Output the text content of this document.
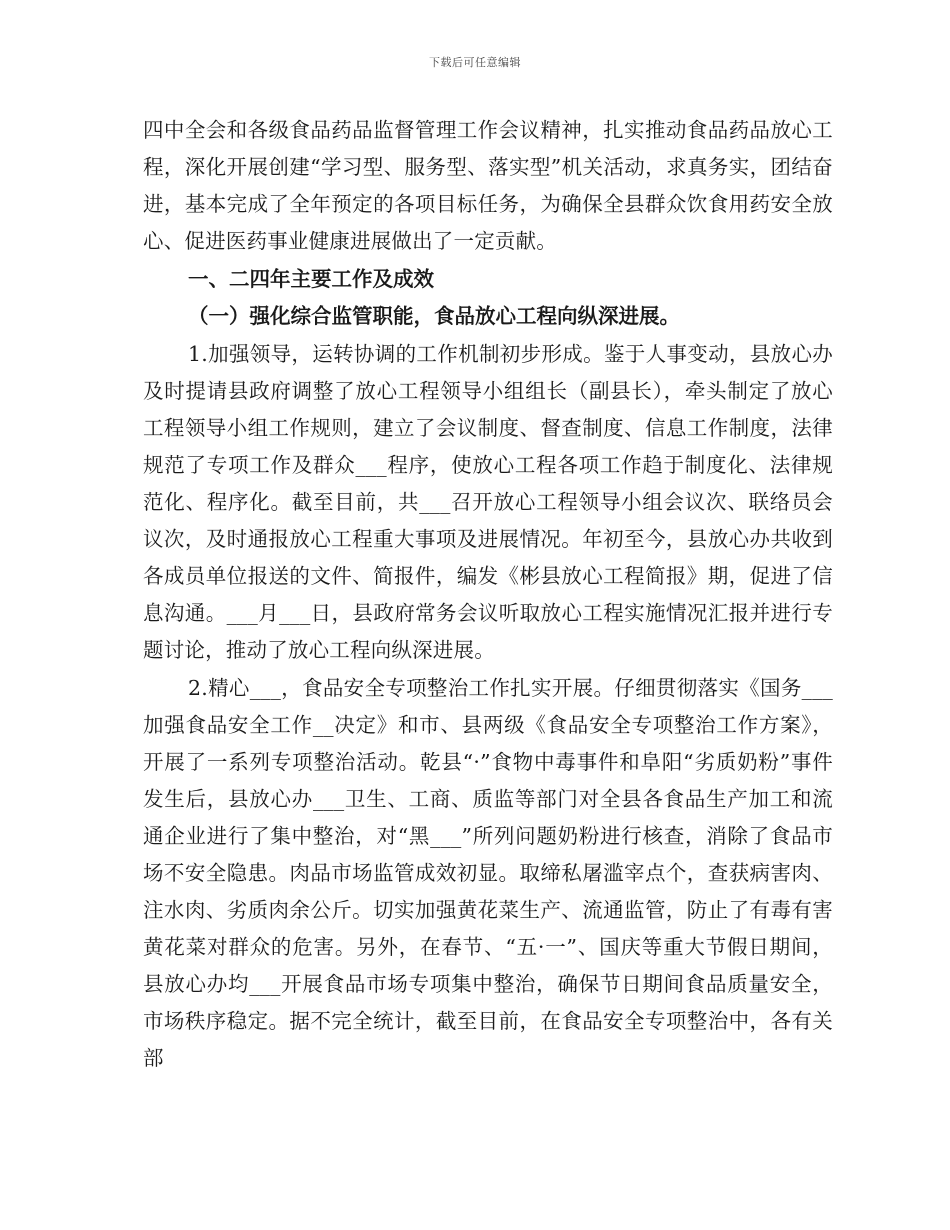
下载后可任意编辑

四中全会和各级食品药品监督管理工作会议精神，扎实推动食品药品放心工程，深化开展创建“学习型、服务型、落实型”机关活动，求真务实，团结奋进，基本完成了全年预定的各项目标任务，为确保全县群众饮食用药安全放心、促进医药事业健康进展做出了一定贡献。

一、二四年主要工作及成效

（一）强化综合监管职能，食品放心工程向纵深进展。

1.加强领导，运转协调的工作机制初步形成。鉴于人事变动，县放心办及时提请县政府调整了放心工程领导小组组长（副县长），牵头制定了放心工程领导小组工作规则，建立了会议制度、督查制度、信息工作制度，法律规范了专项工作及群众___程序，使放心工程各项工作趋于制度化、法律规范化、程序化。截至目前，共___召开放心工程领导小组会议次、联络员会议次，及时通报放心工程重大事项及进展情况。年初至今，县放心办共收到各成员单位报送的文件、简报件，编发《彬县放心工程简报》期，促进了信息沟通。___月___日，县政府常务会议听取放心工程实施情况汇报并进行专题讨论，推动了放心工程向纵深进展。

2.精心___，食品安全专项整治工作扎实开展。仔细贯彻落实《国务___加强食品安全工作__决定》和市、县两级《食品安全专项整治工作方案》，开展了一系列专项整治活动。乾县“·”食物中毒事件和阜阳“劣质奶粉”事件发生后，县放心办___卫生、工商、质监等部门对全县各食品生产加工和流通企业进行了集中整治，对“黑___”所列问题奶粉进行核查，消除了食品市场不安全隐患。肉品市场监管成效初显。取缔私屠滥宰点个，查获病害肉、注水肉、劣质肉余公斤。切实加强黄花菜生产、流通监管，防止了有毒有害黄花菜对群众的危害。另外，在春节、“五·一”、国庆等重大节假日期间，县放心办均___开展食品市场专项集中整治，确保节日期间食品质量安全，市场秩序稳定。据不完全统计，截至目前，在食品安全专项整治中，各有关部
